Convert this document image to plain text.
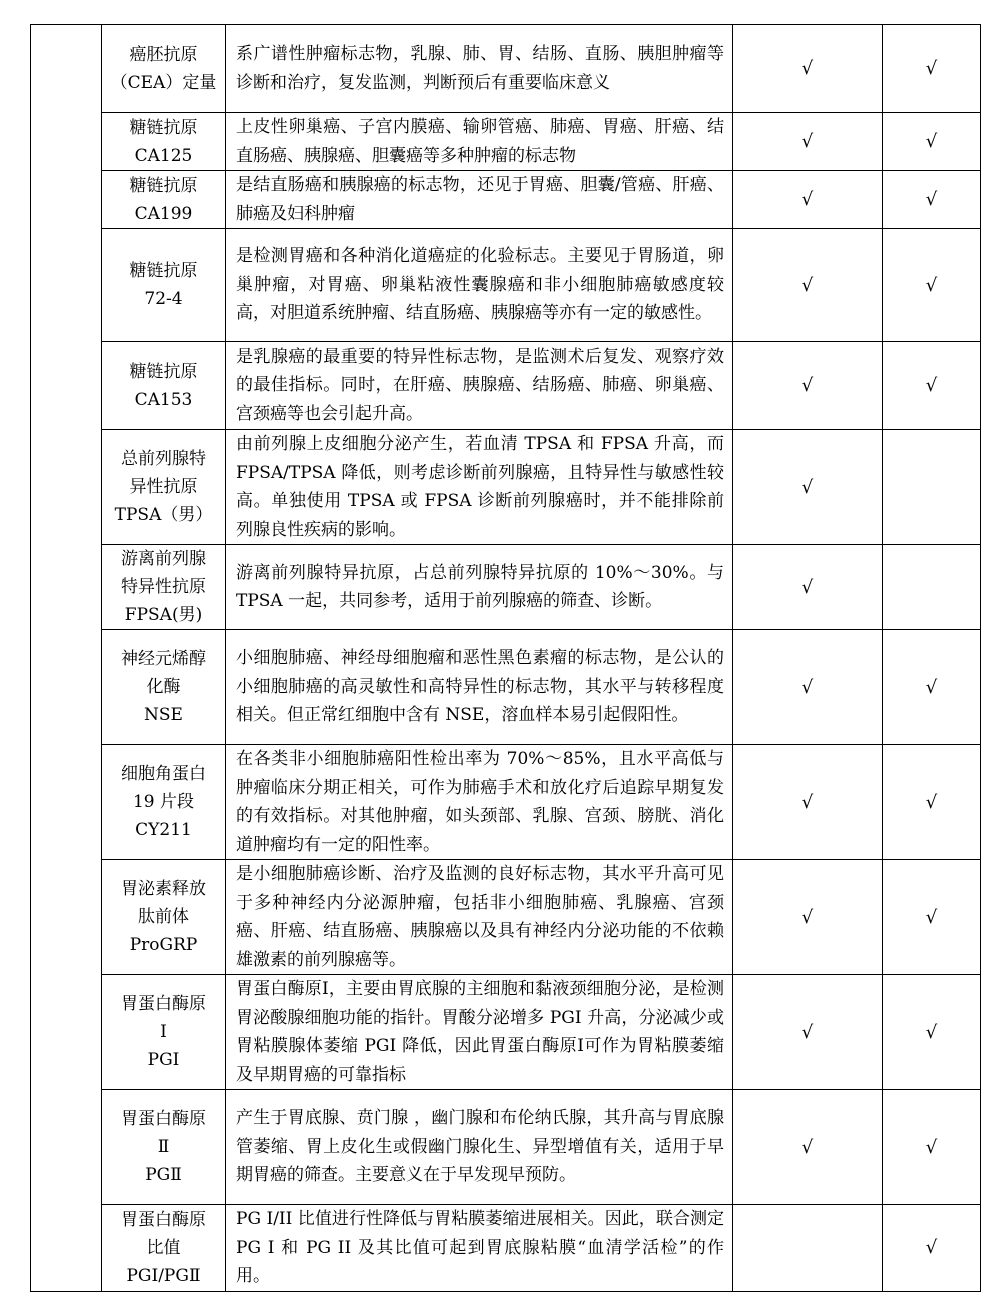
	癌胚抗原
（CEA）定量	系广谱性肿瘤标志物，乳腺、肺、胃、结肠、直肠、胰胆肿瘤等诊断和治疗，复发监测，判断预后有重要临床意义	√	√

	糖链抗原
CA125	上皮性卵巢癌、子宫内膜癌、输卵管癌、肺癌、胃癌、肝癌、结直肠癌、胰腺癌、胆囊癌等多种肿瘤的标志物	√	√

	糖链抗原
CA199	是结直肠癌和胰腺癌的标志物，还见于胃癌、胆囊/管癌、肝癌、肺癌及妇科肿瘤	√	√

	糖链抗原
72-4	是检测胃癌和各种消化道癌症的化验标志。主要见于胃肠道，卵巢肿瘤，对胃癌、卵巢粘液性囊腺癌和非小细胞肺癌敏感度较高，对胆道系统肿瘤、结直肠癌、胰腺癌等亦有一定的敏感性。	√	√

	糖链抗原
CA153	是乳腺癌的最重要的特异性标志物，是监测术后复发、观察疗效的最佳指标。同时，在肝癌、胰腺癌、结肠癌、肺癌、卵巢癌、宫颈癌等也会引起升高。	√	√

	总前列腺特
异性抗原
TPSA（男）	由前列腺上皮细胞分泌产生，若血清 TPSA 和 FPSA 升高，而 FPSA/TPSA 降低，则考虑诊断前列腺癌，且特异性与敏感性较高。单独使用 TPSA 或 FPSA 诊断前列腺癌时，并不能排除前列腺良性疾病的影响。	√	

	游离前列腺
特异性抗原
FPSA(男)	游离前列腺特异抗原，占总前列腺特异抗原的 10%～30%。与 TPSA 一起，共同参考，适用于前列腺癌的筛查、诊断。	√	

	神经元烯醇
化酶
NSE	小细胞肺癌、神经母细胞瘤和恶性黑色素瘤的标志物，是公认的小细胞肺癌的高灵敏性和高特异性的标志物，其水平与转移程度相关。但正常红细胞中含有 NSE，溶血样本易引起假阳性。	√	√

	细胞角蛋白
19 片段
CY211	在各类非小细胞肺癌阳性检出率为 70%～85%，且水平高低与肿瘤临床分期正相关，可作为肺癌手术和放化疗后追踪早期复发的有效指标。对其他肿瘤，如头颈部、乳腺、宫颈、膀胱、消化道肿瘤均有一定的阳性率。	√	√

	胃泌素释放
肽前体
ProGRP	是小细胞肺癌诊断、治疗及监测的良好标志物，其水平升高可见于多种神经内分泌源肿瘤，包括非小细胞肺癌、乳腺癌、宫颈癌、肝癌、结直肠癌、胰腺癌以及具有神经内分泌功能的不依赖雄激素的前列腺癌等。	√	√

	胃蛋白酶原
Ⅰ
PGⅠ	胃蛋白酶原Ⅰ，主要由胃底腺的主细胞和黏液颈细胞分泌，是检测胃泌酸腺细胞功能的指针。胃酸分泌增多 PGI 升高，分泌减少或胃粘膜腺体萎缩 PGI 降低，因此胃蛋白酶原Ⅰ可作为胃粘膜萎缩及早期胃癌的可靠指标	√	√

	胃蛋白酶原
Ⅱ
PGⅡ	产生于胃底腺、贲门腺 ，幽门腺和布伦纳氏腺，其升高与胃底腺管萎缩、胃上皮化生或假幽门腺化生、异型增值有关，适用于早期胃癌的筛查。主要意义在于早发现早预防。	√	√

	胃蛋白酶原
比值
PGⅠ/PGⅡ	PG I/II 比值进行性降低与胃粘膜萎缩进展相关。因此，联合测定 PG I 和 PG II 及其比值可起到胃底腺粘膜“血清学活检”的作用。		√
